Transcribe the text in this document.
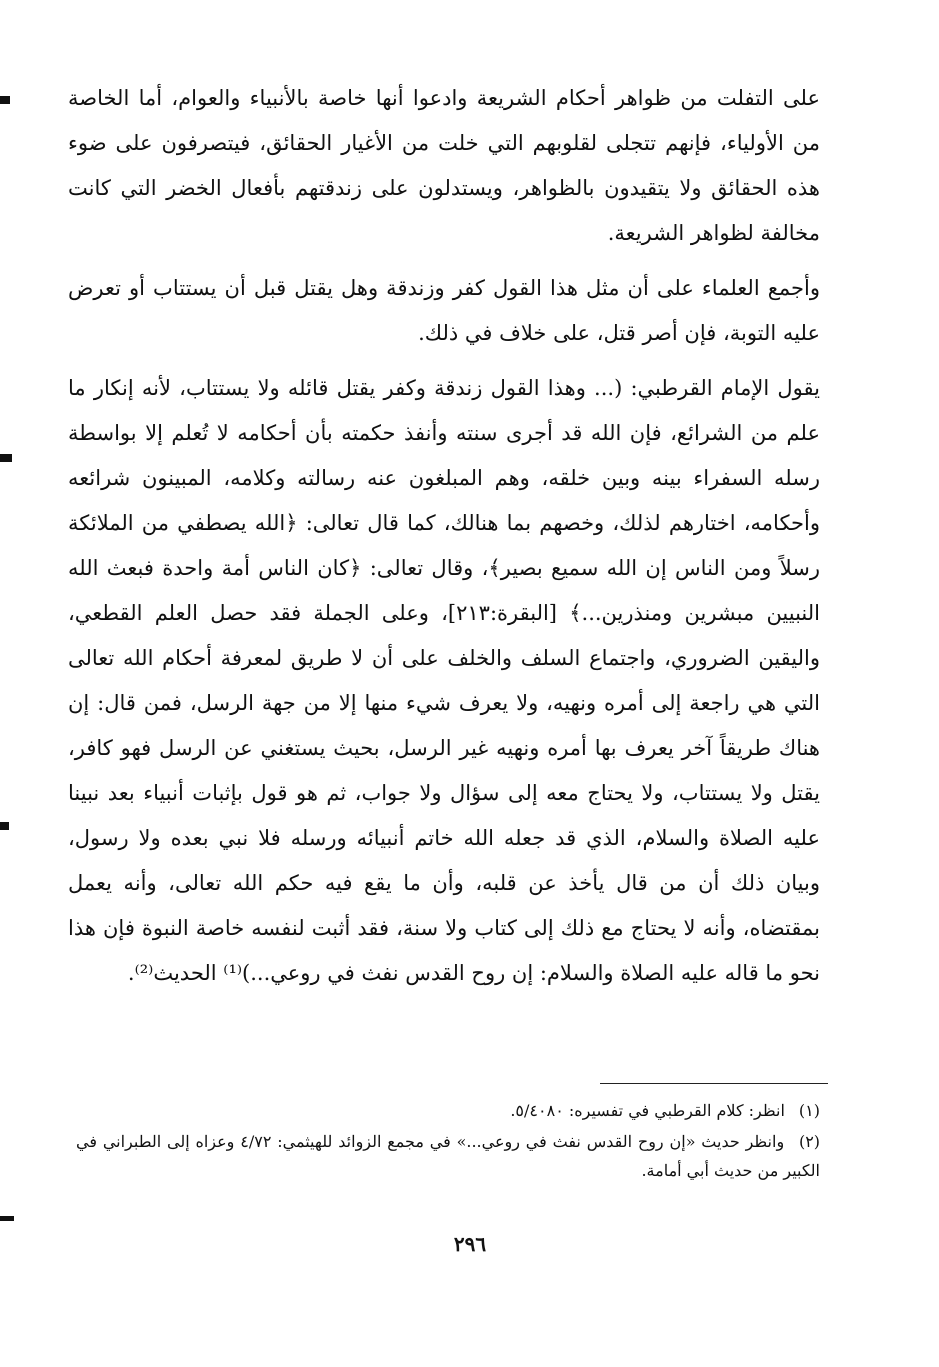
على التفلت من ظواهر أحكام الشريعة وادعوا أنها خاصة بالأنبياء والعوام، أما الخاصة من الأولياء، فإنهم تتجلى لقلوبهم التي خلت من الأغيار الحقائق، فيتصرفون على ضوء هذه الحقائق ولا يتقيدون بالظواهر، ويستدلون على زندقتهم بأفعال الخضر التي كانت مخالفة لظواهر الشريعة.

وأجمع العلماء على أن مثل هذا القول كفر وزندقة وهل يقتل قبل أن يستتاب أو تعرض عليه التوبة، فإن أصر قتل، على خلاف في ذلك.

يقول الإمام القرطبي: (... وهذا القول زندقة وكفر يقتل قائله ولا يستتاب، لأنه إنكار ما علم من الشرائع، فإن الله قد أجرى سنته وأنفذ حكمته بأن أحكامه لا تُعلم إلا بواسطة رسله السفراء بينه وبين خلقه، وهم المبلغون عنه رسالته وكلامه، المبينون شرائعه وأحكامه، اختارهم لذلك، وخصهم بما هنالك، كما قال تعالى: ﴿الله يصطفي من الملائكة رسلاً ومن الناس إن الله سميع بصير﴾، وقال تعالى: ﴿كان الناس أمة واحدة فبعث الله النبيين مبشرين ومنذرين...﴾ [البقرة:٢١٣]، وعلى الجملة فقد حصل العلم القطعي، واليقين الضروري، واجتماع السلف والخلف على أن لا طريق لمعرفة أحكام الله تعالى التي هي راجعة إلى أمره ونهيه، ولا يعرف شيء منها إلا من جهة الرسل، فمن قال: إن هناك طريقاً آخر يعرف بها أمره ونهيه غير الرسل، بحيث يستغني عن الرسل فهو كافر، يقتل ولا يستتاب، ولا يحتاج معه إلى سؤال ولا جواب، ثم هو قول بإثبات أنبياء بعد نبينا عليه الصلاة والسلام، الذي قد جعله الله خاتم أنبيائه ورسله فلا نبي بعده ولا رسول، وبيان ذلك أن من قال يأخذ عن قلبه، وأن ما يقع فيه حكم الله تعالى، وأنه يعمل بمقتضاه، وأنه لا يحتاج مع ذلك إلى كتاب ولا سنة، فقد أثبت لنفسه خاصة النبوة فإن هذا نحو ما قاله عليه الصلاة والسلام: إن روح القدس نفث في روعي...)⁽¹⁾ الحديث⁽²⁾.

(١) انظر: كلام القرطبي في تفسيره: ٥/٤٠٨٠.

(٢) وانظر حديث «إن روح القدس نفث في روعي...» في مجمع الزوائد للهيثمي: ٤/٧٢ وعزاه إلى الطبراني في الكبير من حديث أبي أمامة.

٢٩٦
